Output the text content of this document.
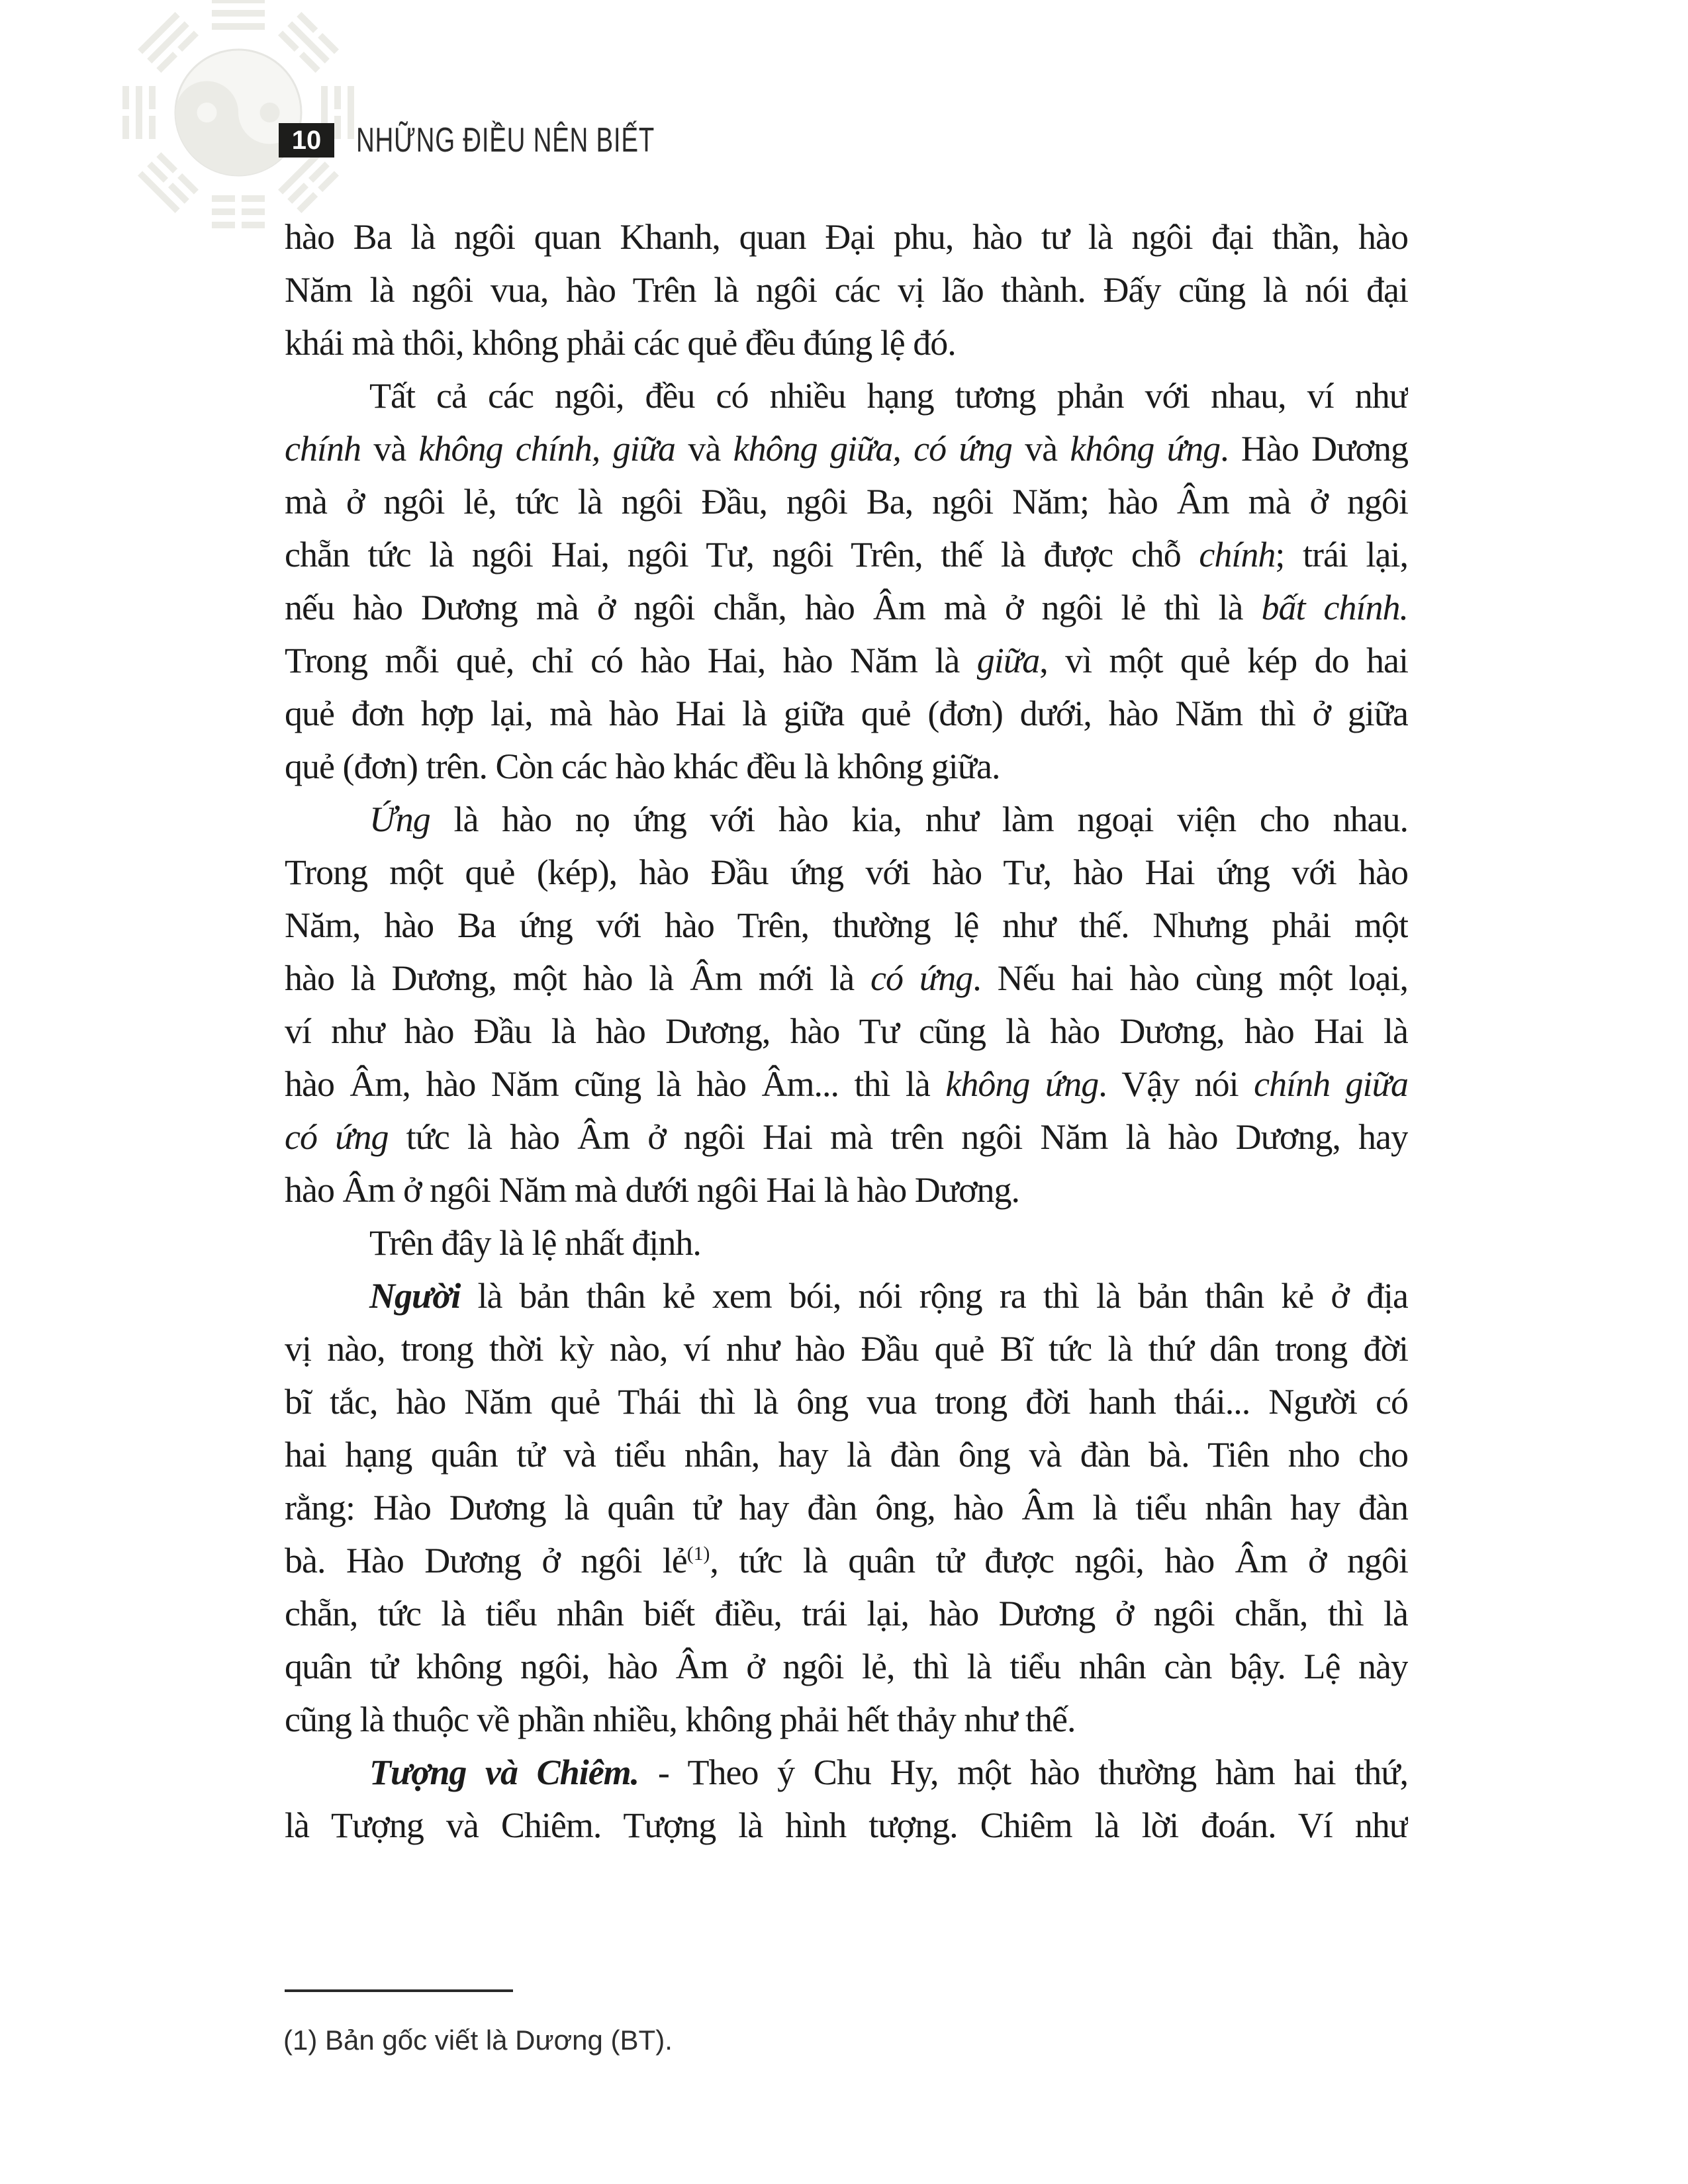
10	NHỮNG ĐIỀU NÊN BIẾT
hào Ba là ngôi quan Khanh, quan Đại phu, hào tư là ngôi đại thần, hào
Năm là ngôi vua, hào Trên là ngôi các vị lão thành. Đấy cũng là nói đại
khái mà thôi, không phải các quẻ đều đúng lệ đó.
Tất cả các ngôi, đều có nhiều hạng tương phản với nhau, ví như
chính và không chính, giữa và không giữa, có ứng và không ứng. Hào Dương
mà ở ngôi lẻ, tức là ngôi Đầu, ngôi Ba, ngôi Năm; hào Âm mà ở ngôi
chẵn tức là ngôi Hai, ngôi Tư, ngôi Trên, thế là được chỗ chính; trái lại,
nếu hào Dương mà ở ngôi chẵn, hào Âm mà ở ngôi lẻ thì là bất chính.
Trong mỗi quẻ, chỉ có hào Hai, hào Năm là giữa, vì một quẻ kép do hai
quẻ đơn hợp lại, mà hào Hai là giữa quẻ (đơn) dưới, hào Năm thì ở giữa
quẻ (đơn) trên. Còn các hào khác đều là không giữa.
Ứng là hào nọ ứng với hào kia, như làm ngoại viện cho nhau.
Trong một quẻ (kép), hào Đầu ứng với hào Tư, hào Hai ứng với hào
Năm, hào Ba ứng với hào Trên, thường lệ như thế. Nhưng phải một
hào là Dương, một hào là Âm mới là có ứng. Nếu hai hào cùng một loại,
ví như hào Đầu là hào Dương, hào Tư cũng là hào Dương, hào Hai là
hào Âm, hào Năm cũng là hào Âm... thì là không ứng. Vậy nói chính giữa
có ứng tức là hào Âm ở ngôi Hai mà trên ngôi Năm là hào Dương, hay
hào Âm ở ngôi Năm mà dưới ngôi Hai là hào Dương.
Trên đây là lệ nhất định.
Người là bản thân kẻ xem bói, nói rộng ra thì là bản thân kẻ ở địa
vị nào, trong thời kỳ nào, ví như hào Đầu quẻ Bĩ tức là thứ dân trong đời
bĩ tắc, hào Năm quẻ Thái thì là ông vua trong đời hanh thái... Người có
hai hạng quân tử và tiểu nhân, hay là đàn ông và đàn bà. Tiên nho cho
rằng: Hào Dương là quân tử hay đàn ông, hào Âm là tiểu nhân hay đàn
bà. Hào Dương ở ngôi lẻ$^{(1)}$, tức là quân tử được ngôi, hào Âm ở ngôi
chẵn, tức là tiểu nhân biết điều, trái lại, hào Dương ở ngôi chẵn, thì là
quân tử không ngôi, hào Âm ở ngôi lẻ, thì là tiểu nhân càn bậy. Lệ này
cũng là thuộc về phần nhiều, không phải hết thảy như thế.
Tượng và Chiêm. - Theo ý Chu Hy, một hào thường hàm hai thứ,
là Tượng và Chiêm. Tượng là hình tượng. Chiêm là lời đoán. Ví như
(1) Bản gốc viết là Dương (BT).
